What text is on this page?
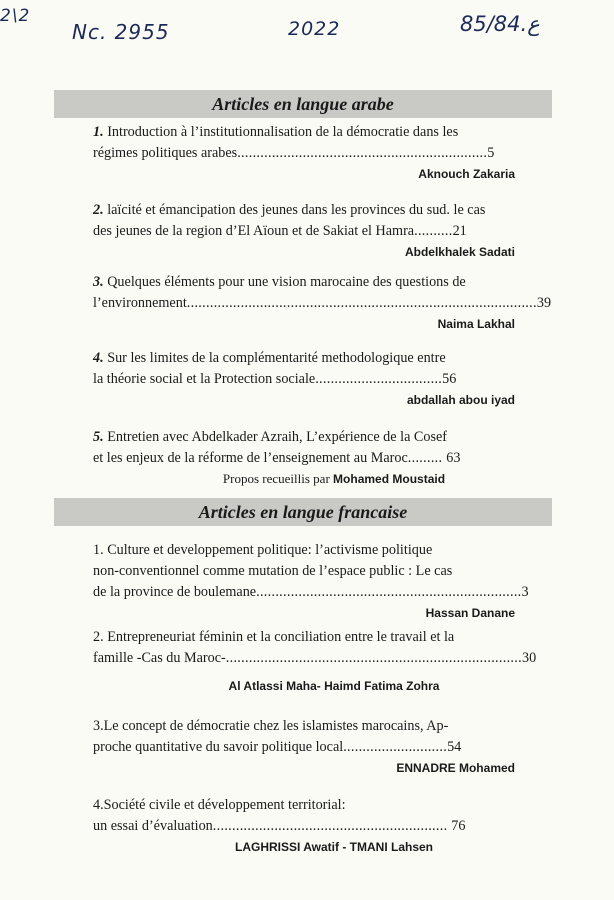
2\2
Nc. 2955	2022	85/84.ع
Articles en langue arabe
1. Introduction à l’institutionnalisation de la démocratie dans les
régimes politiques arabes.................................................................5
Aknouch Zakaria
2. laïcité et émancipation des jeunes dans les provinces du sud. le cas
des jeunes de la region d’El Aïoun et de Sakiat el Hamra..........21
Abdelkhalek Sadati
3. Quelques éléments pour une vision marocaine des questions de
l’environnement...........................................................................................39
Naima Lakhal
4. Sur les limites de la complémentarité methodologique entre
la théorie social et la Protection sociale.................................56
abdallah abou iyad
5. Entretien avec Abdelkader Azraih, L’expérience de la Cosef
et les enjeux de la réforme de l’enseignement au Maroc......... 63
Propos recueillis par Mohamed Moustaid
Articles en langue francaise
1. Culture et developpement politique: l’activisme politique
non-conventionnel comme mutation de l’espace public : Le cas
de la province de boulemane.....................................................................3
Hassan Danane
2. Entrepreneuriat féminin et la conciliation entre le travail et la
famille -Cas du Maroc-.............................................................................30
Al Atlassi Maha- Haimd Fatima Zohra
3.Le concept de démocratie chez les islamistes marocains, Ap-
proche quantitative du savoir politique local...........................54
ENNADRE Mohamed
4.Société civile et développement territorial:
un essai d’évaluation............................................................. 76
LAGHRISSI Awatif - TMANI Lahsen
